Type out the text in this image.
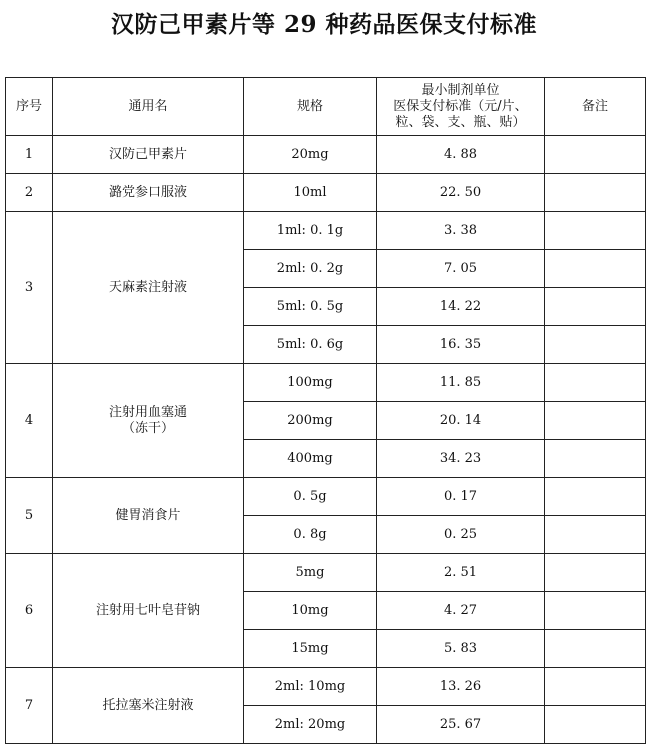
汉防己甲素片等 29 种药品医保支付标准
序号	通用名	规格	最小制剂单位
医保支付标准（元/片、
粒、袋、支、瓶、贴）	备注
1	汉防己甲素片	20mg	4. 88	
2	潞党参口服液	10ml	22. 50	
3	天麻素注射液	1ml: 0. 1g	3. 38	
		2ml: 0. 2g	7. 05	
		5ml: 0. 5g	14. 22	
		5ml: 0. 6g	16. 35	
4	注射用血塞通
（冻干）	100mg	11. 85	
		200mg	20. 14	
		400mg	34. 23	
5	健胃消食片	0. 5g	0. 17	
		0. 8g	0. 25	
6	注射用七叶皂苷钠	5mg	2. 51	
		10mg	4. 27	
		15mg	5. 83	
7	托拉塞米注射液	2ml: 10mg	13. 26	
		2ml: 20mg	25. 67	
